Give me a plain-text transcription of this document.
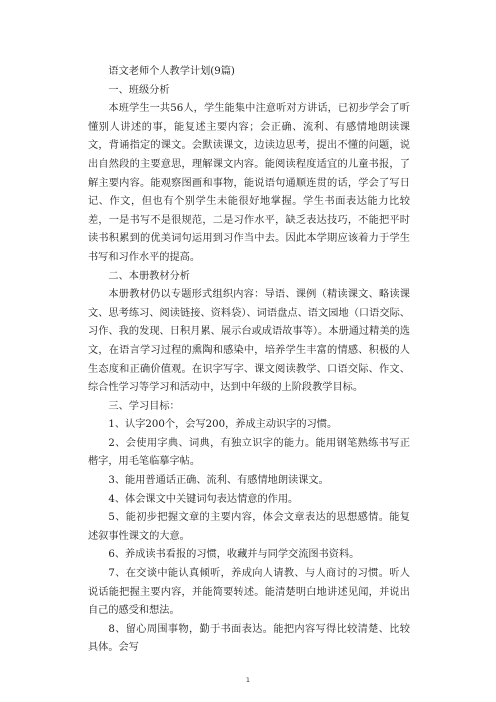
语文老师个人教学计划(9篇)

一、班级分析

本班学生一共56人，学生能集中注意听对方讲话，已初步学会了听懂别人讲述的事，能复述主要内容；会正确、流利、有感情地朗读课文，背诵指定的课文。会默读课文，边读边思考，提出不懂的问题，说出自然段的主要意思，理解课文内容。能阅读程度适宜的儿童书报，了解主要内容。能观察图画和事物，能说语句通顺连贯的话，学会了写日记、作文，但也有个别学生未能很好地掌握。学生书面表达能力比较差，一是书写不是很规范，二是习作水平，缺乏表达技巧，不能把平时读书积累到的优美词句运用到习作当中去。因此本学期应该着力于学生书写和习作水平的提高。

二、本册教材分析

本册教材仍以专题形式组织内容：导语、课例（精读课文、略读课文、思考练习、阅读链接、资料袋）、词语盘点、语文园地（口语交际、习作、我的发现、日积月累、展示台或成语故事等）。本册通过精美的选文，在语言学习过程的熏陶和感染中，培养学生丰富的情感、积极的人生态度和正确价值观。在识字写字、课文阅读教学、口语交际、作文、综合性学习等学习和活动中，达到中年级的上阶段教学目标。

三、学习目标：

1、认字200个，会写200，养成主动识字的习惯。

2、会使用字典、词典，有独立识字的能力。能用钢笔熟练书写正楷字，用毛笔临摹字帖。

3、能用普通话正确、流利、有感情地朗读课文。

4、体会课文中关键词句表达情意的作用。

5、能初步把握文章的主要内容，体会文章表达的思想感情。能复述叙事性课文的大意。

6、养成读书看报的习惯，收藏并与同学交流图书资料。

7、在交谈中能认真倾听，养成向人请教、与人商讨的习惯。听人说话能把握主要内容，并能简要转述。能清楚明白地讲述见闻，并说出自己的感受和想法。

8、留心周围事物，勤于书面表达。能把内容写得比较清楚、比较具体。会写

1
